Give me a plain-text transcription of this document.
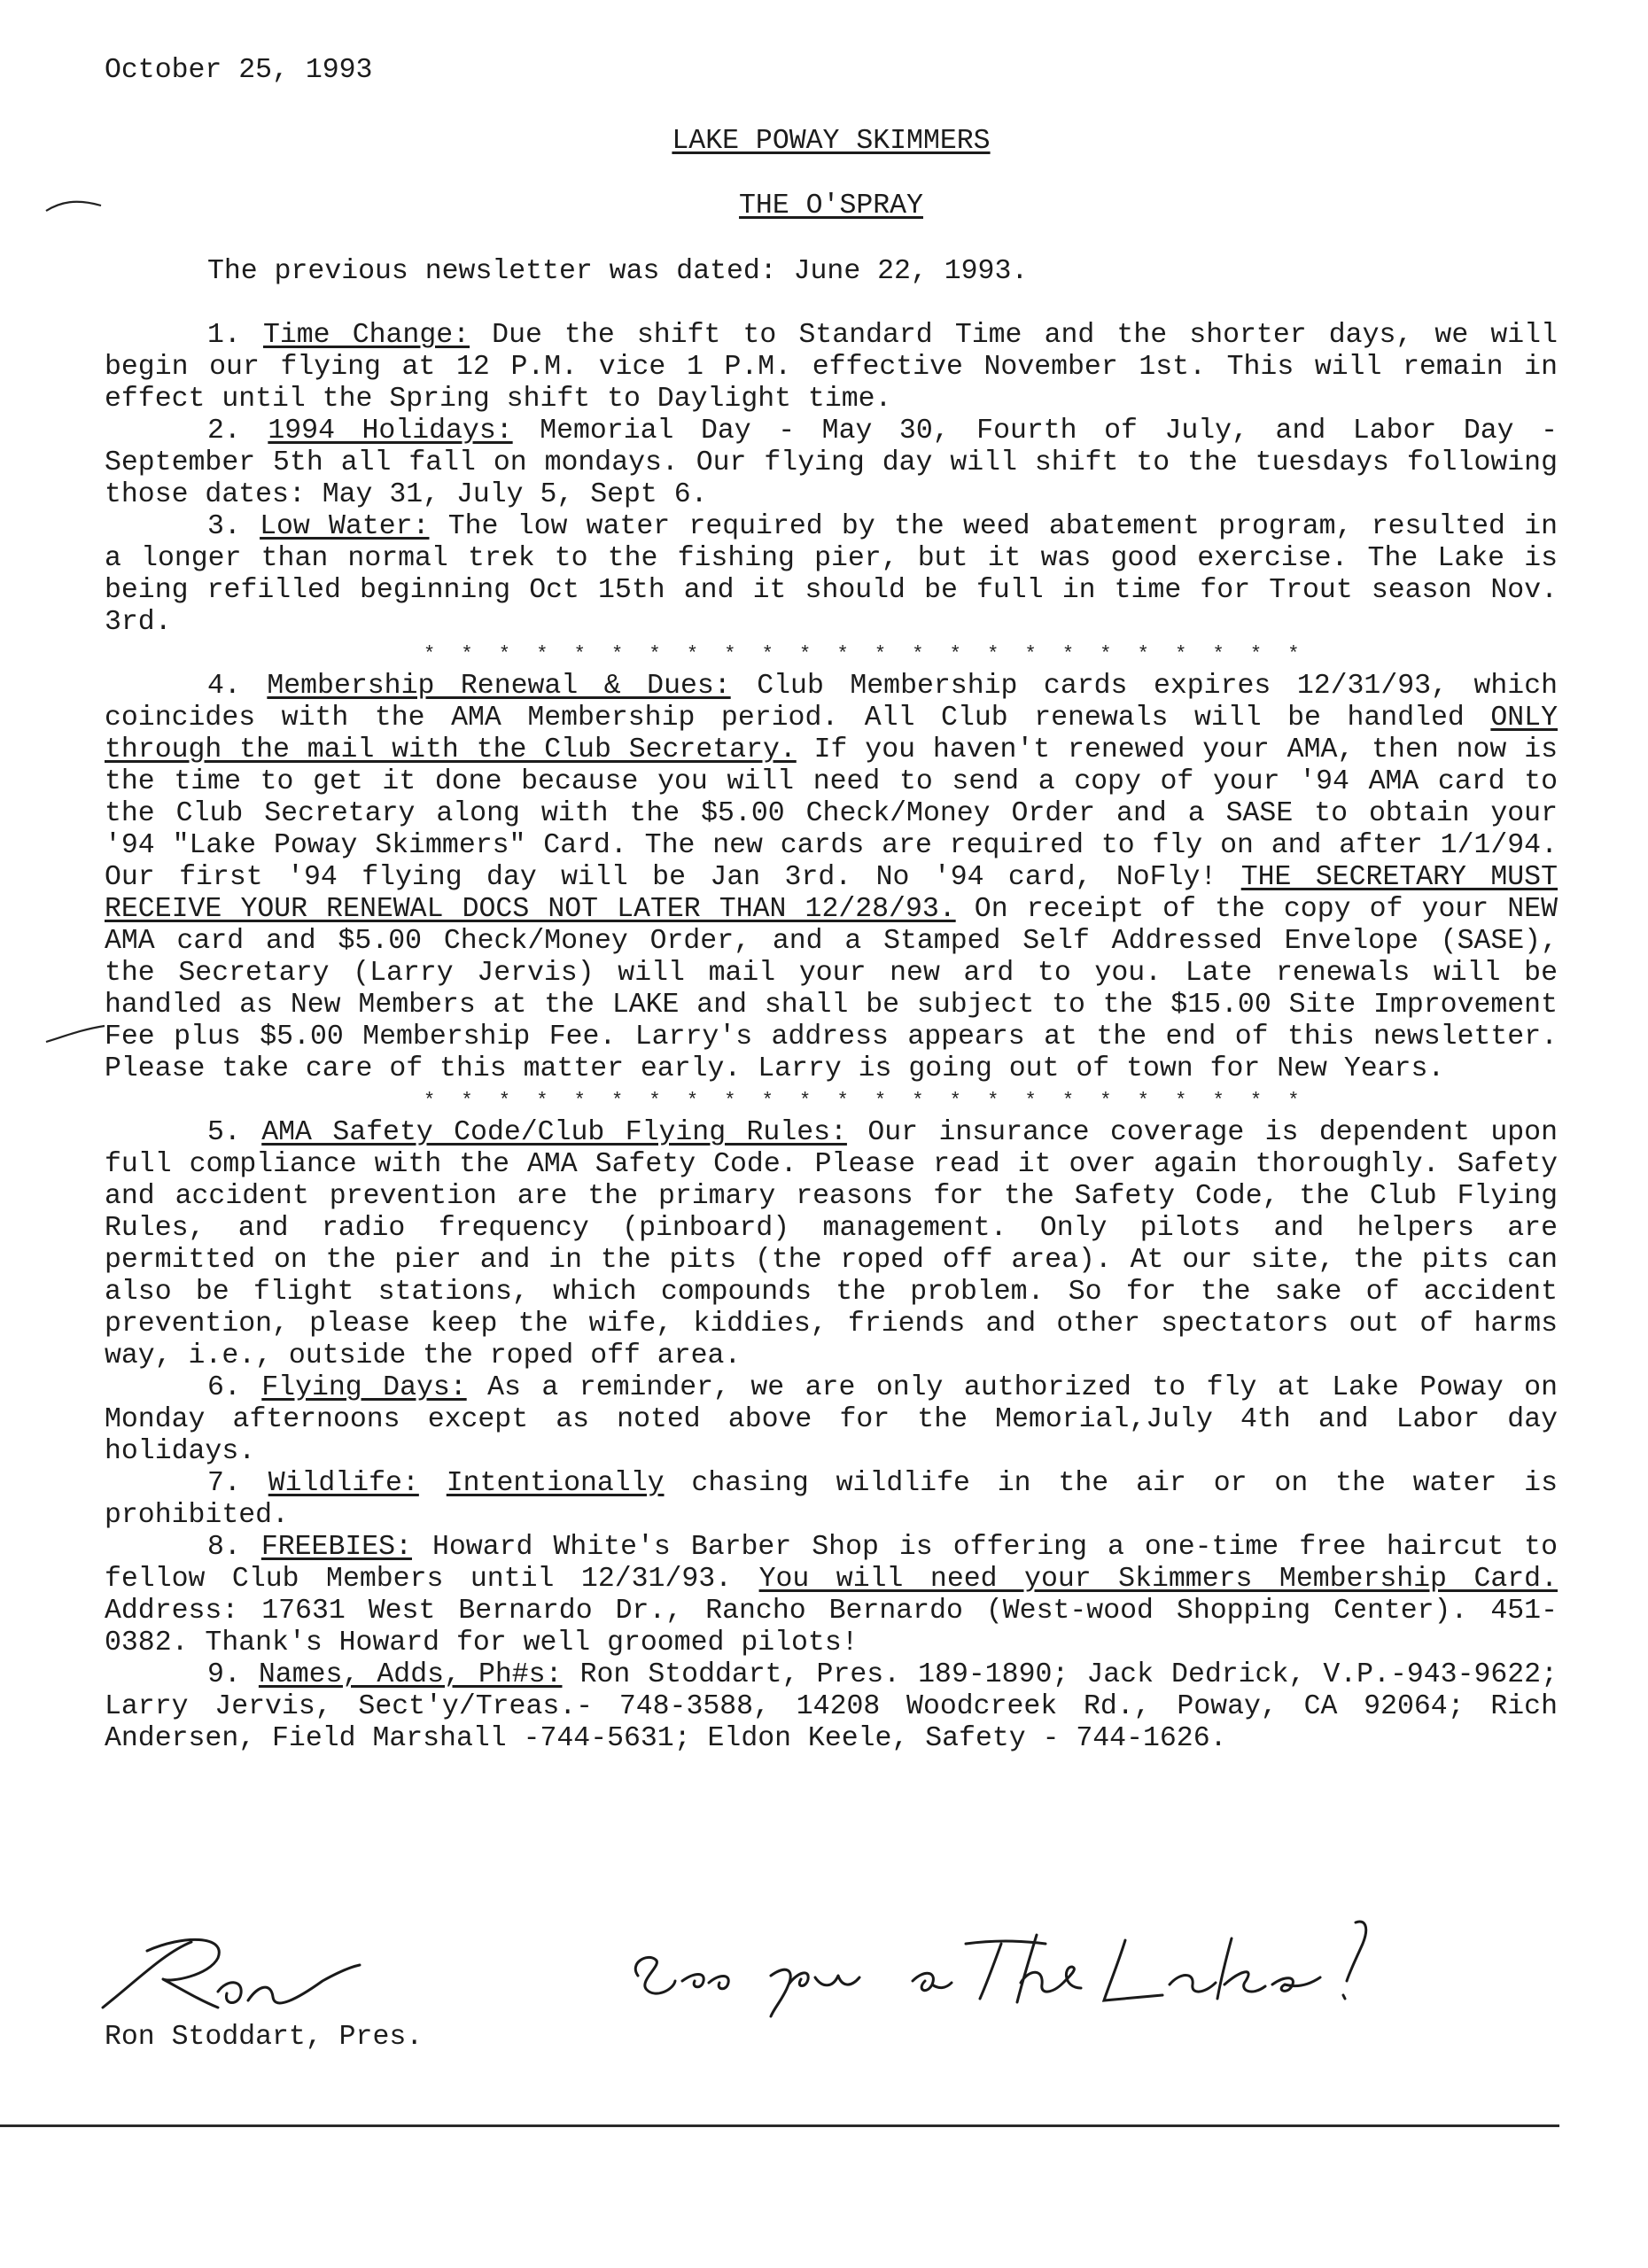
October 25, 1993

LAKE POWAY SKIMMERS

THE O'SPRAY

The previous newsletter was dated: June 22, 1993.

1. Time Change: Due the shift to Standard Time and the shorter days, we will begin our flying at 12 P.M. vice 1 P.M. effective November 1st. This will remain in effect until the Spring shift to Daylight time.

2. 1994 Holidays: Memorial Day - May 30, Fourth of July, and Labor Day - September 5th all fall on mondays. Our flying day will shift to the tuesdays following those dates: May 31, July 5, Sept 6.

3. Low Water: The low water required by the weed abatement program, resulted in a longer than normal trek to the fishing pier, but it was good exercise. The Lake is being refilled beginning Oct 15th and it should be full in time for Trout season Nov. 3rd.

* * * * * * * * * * * * * * * * * * * * * * * *

4. Membership Renewal & Dues: Club Membership cards expires 12/31/93, which coincides with the AMA Membership period. All Club renewals will be handled ONLY through the mail with the Club Secretary. If you haven't renewed your AMA, then now is the time to get it done because you will need to send a copy of your '94 AMA card to the Club Secretary along with the $5.00 Check/Money Order and a SASE to obtain your '94 "Lake Poway Skimmers" Card. The new cards are required to fly on and after 1/1/94. Our first '94 flying day will be Jan 3rd. No '94 card, NoFly! THE SECRETARY MUST RECEIVE YOUR RENEWAL DOCS NOT LATER THAN 12/28/93. On receipt of the copy of your NEW AMA card and $5.00 Check/Money Order, and a Stamped Self Addressed Envelope (SASE), the Secretary (Larry Jervis) will mail your new ard to you. Late renewals will be handled as New Members at the LAKE and shall be subject to the $15.00 Site Improvement Fee plus $5.00 Membership Fee. Larry's address appears at the end of this newsletter. Please take care of this matter early. Larry is going out of town for New Years.

* * * * * * * * * * * * * * * * * * * * * * * *

5. AMA Safety Code/Club Flying Rules: Our insurance coverage is dependent upon full compliance with the AMA Safety Code. Please read it over again thoroughly. Safety and accident prevention are the primary reasons for the Safety Code, the Club Flying Rules, and radio frequency (pinboard) management. Only pilots and helpers are permitted on the pier and in the pits (the roped off area). At our site, the pits can also be flight stations, which compounds the problem. So for the sake of accident prevention, please keep the wife, kiddies, friends and other spectators out of harms way, i.e., outside the roped off area.

6. Flying Days: As a reminder, we are only authorized to fly at Lake Poway on Monday afternoons except as noted above for the Memorial,July 4th and Labor day holidays.

7. Wildlife: Intentionally chasing wildlife in the air or on the water is prohibited.

8. FREEBIES: Howard White's Barber Shop is offering a one-time free haircut to fellow Club Members until 12/31/93. You will need your Skimmers Membership Card. Address: 17631 West Bernardo Dr., Rancho Bernardo (West-wood Shopping Center). 451-0382. Thank's Howard for well groomed pilots!

9. Names, Adds, Ph#s: Ron Stoddart, Pres. 189-1890; Jack Dedrick, V.P.-943-9622; Larry Jervis, Sect'y/Treas.- 748-3588, 14208 Woodcreek Rd., Poway, CA 92064; Rich Andersen, Field Marshall -744-5631; Eldon Keele, Safety - 744-1626.

Ron Stoddart, Pres.
